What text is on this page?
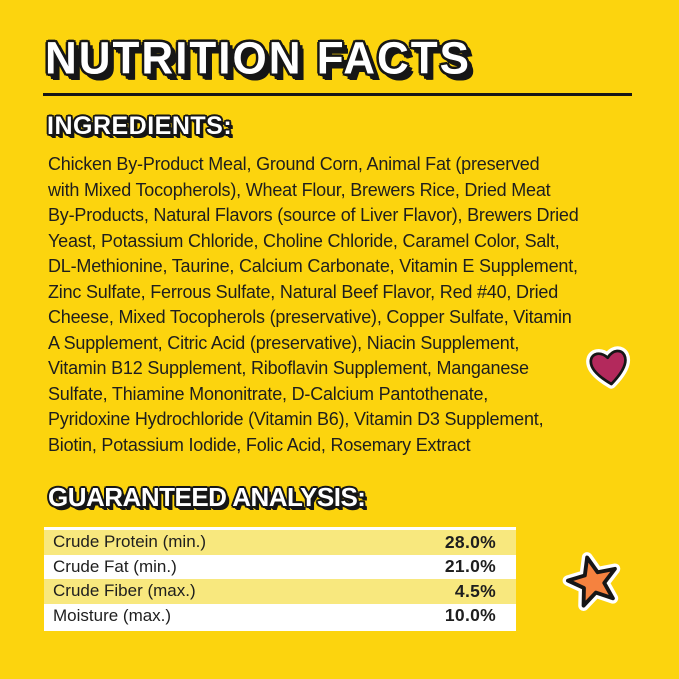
NUTRITION FACTS
INGREDIENTS:
Chicken By-Product Meal, Ground Corn, Animal Fat (preserved
with Mixed Tocopherols), Wheat Flour, Brewers Rice, Dried Meat
By-Products, Natural Flavors (source of Liver Flavor), Brewers Dried
Yeast, Potassium Chloride, Choline Chloride, Caramel Color, Salt,
DL-Methionine, Taurine, Calcium Carbonate, Vitamin E Supplement,
Zinc Sulfate, Ferrous Sulfate, Natural Beef Flavor, Red #40, Dried
Cheese, Mixed Tocopherols (preservative), Copper Sulfate, Vitamin
A Supplement, Citric Acid (preservative), Niacin Supplement,
Vitamin B12 Supplement, Riboflavin Supplement, Manganese
Sulfate, Thiamine Mononitrate, D-Calcium Pantothenate,
Pyridoxine Hydrochloride (Vitamin B6), Vitamin D3 Supplement,
Biotin, Potassium Iodide, Folic Acid, Rosemary Extract
GUARANTEED ANALYSIS:
Crude Protein (min.)	28.0%
Crude Fat (min.)	21.0%
Crude Fiber (max.)	4.5%
Moisture (max.)	10.0%
